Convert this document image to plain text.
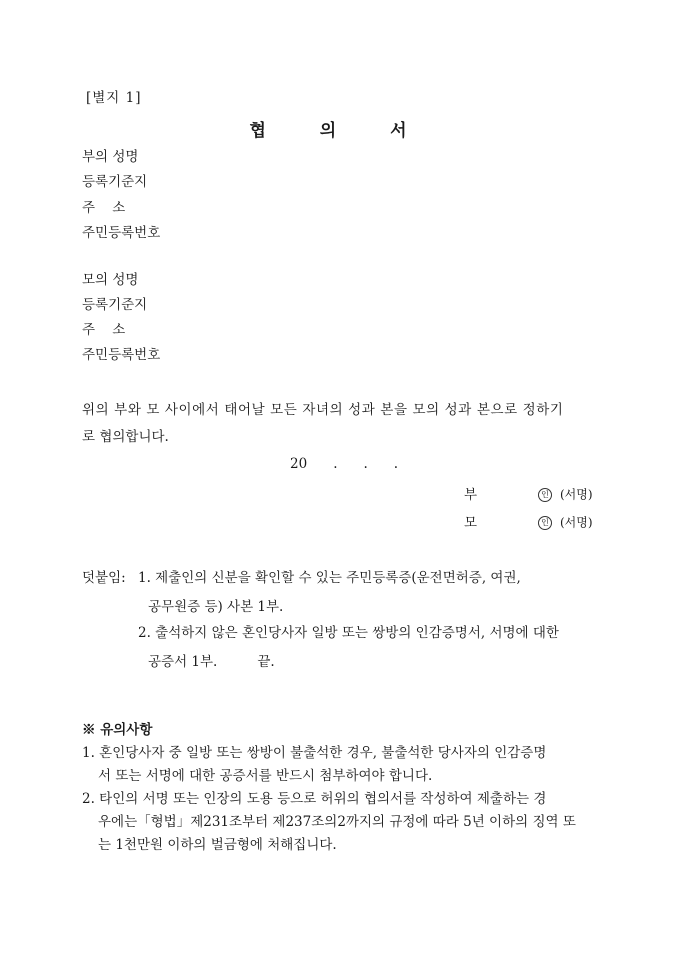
[별지 1]
협 의 서
부의 성명
등록기준지
주    소
주민등록번호
모의 성명
등록기준지
주    소
주민등록번호
위의 부와 모 사이에서 태어날 모든 자녀의 성과 본을 모의 성과 본으로 정하기
로 협의합니다.
20 . . .
부	인 (서명)
모	인 (서명)
덧붙임: 1. 제출인의 신분을 확인할 수 있는 주민등록증(운전면허증, 여권,
공무원증 등) 사본 1부.
2. 출석하지 않은 혼인당사자 일방 또는 쌍방의 인감증명서, 서명에 대한
공증서 1부.	끝.
※ 유의사항
1. 혼인당사자 중 일방 또는 쌍방이 불출석한 경우, 불출석한 당사자의 인감증명
서 또는 서명에 대한 공증서를 반드시 첨부하여야 합니다.
2. 타인의 서명 또는 인장의 도용 등으로 허위의 협의서를 작성하여 제출하는 경
우에는「형법」제231조부터 제237조의2까지의 규정에 따라 5년 이하의 징역 또
는 1천만원 이하의 벌금형에 처해집니다.
